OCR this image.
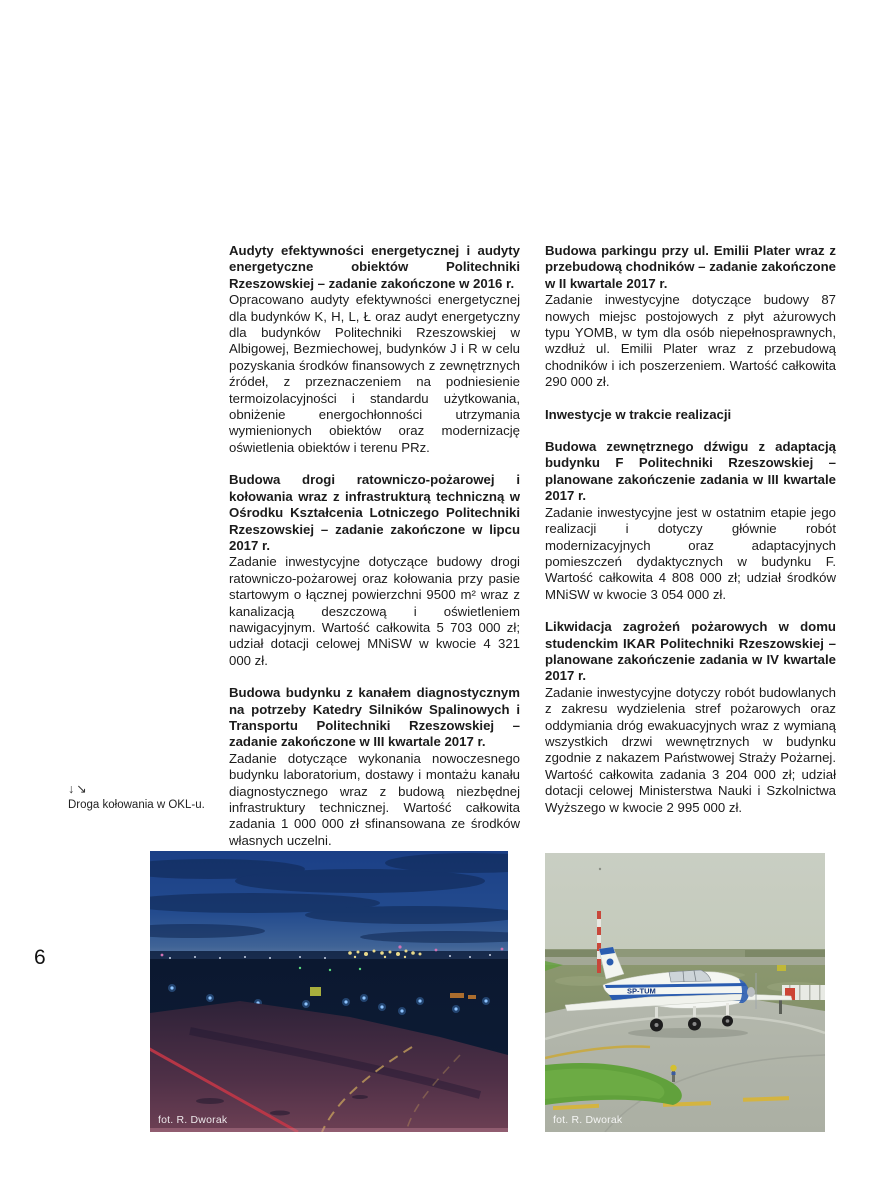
6
↓↘
Droga kołowania w OKL-u.
Audyty efektywności energetycznej i audyty energetyczne obiektów Politechniki Rzeszowskiej – zadanie zakończone w 2016 r.

Opracowano audyty efektywności energetycznej dla budynków K, H, L, Ł oraz audyt energetyczny dla budynków Politechniki Rzeszowskiej w Albigowej, Bezmiechowej, budynków J i R w celu pozyskania środków finansowych z zewnętrznych źródeł, z przeznaczeniem na podniesienie termoizolacyjności i standardu użytkowania, obniżenie energochłonności utrzymania wymienionych obiektów oraz modernizację oświetlenia obiektów i terenu PRz.

Budowa drogi ratowniczo-pożarowej i kołowania wraz z infrastrukturą techniczną w Ośrodku Kształcenia Lotniczego Politechniki Rzeszowskiej – zadanie zakończone w lipcu 2017 r.

Zadanie inwestycyjne dotyczące budowy drogi ratowniczo-pożarowej oraz kołowania przy pasie startowym o łącznej powierzchni 9500 m² wraz z kanalizacją deszczową i oświetleniem nawigacyjnym. Wartość całkowita 5 703 000 zł; udział dotacji celowej MNiSW w kwocie 4 321 000 zł.

Budowa budynku z kanałem diagnostycznym na potrzeby Katedry Silników Spalinowych i Transportu Politechniki Rzeszowskiej – zadanie zakończone w III kwartale 2017 r.

Zadanie dotyczące wykonania nowoczesnego budynku laboratorium, dostawy i montażu kanału diagnostycznego wraz z budową niezbędnej infrastruktury technicznej. Wartość całkowita zadania 1 000 000 zł sfinansowana ze środków własnych uczelni.

Budowa parkingu przy ul. Emilii Plater wraz z przebudową chodników – zadanie zakończone w II kwartale 2017 r.

Zadanie inwestycyjne dotyczące budowy 87 nowych miejsc postojowych z płyt ażurowych typu YOMB, w tym dla osób niepełnosprawnych, wzdłuż ul. Emilii Plater wraz z przebudową chodników i ich poszerzeniem. Wartość całkowita 290 000 zł.

Inwestycje w trakcie realizacji
Budowa zewnętrznego dźwigu z adaptacją budynku F Politechniki Rzeszowskiej – planowane zakończenie zadania w III kwartale 2017 r.

Zadanie inwestycyjne jest w ostatnim etapie jego realizacji i dotyczy głównie robót modernizacyjnych oraz adaptacyjnych pomieszczeń dydaktycznych w budynku F. Wartość całkowita 4 808 000 zł; udział środków MNiSW w kwocie 3 054 000 zł.

Likwidacja zagrożeń pożarowych w domu studenckim IKAR Politechniki Rzeszowskiej – planowane zakończenie zadania w IV kwartale 2017 r.

Zadanie inwestycyjne dotyczy robót budowlanych z zakresu wydzielenia stref pożarowych oraz oddymiania dróg ewakuacyjnych wraz z wymianą wszystkich drzwi wewnętrznych w budynku zgodnie z nakazem Państwowej Straży Pożarnej. Wartość całkowita zadania 3 204 000 zł; udział dotacji celowej Ministerstwa Nauki i Szkolnictwa Wyższego w kwocie 2 995 000 zł.

fot. R. Dworak
SP-TUM
fot. R. Dworak
